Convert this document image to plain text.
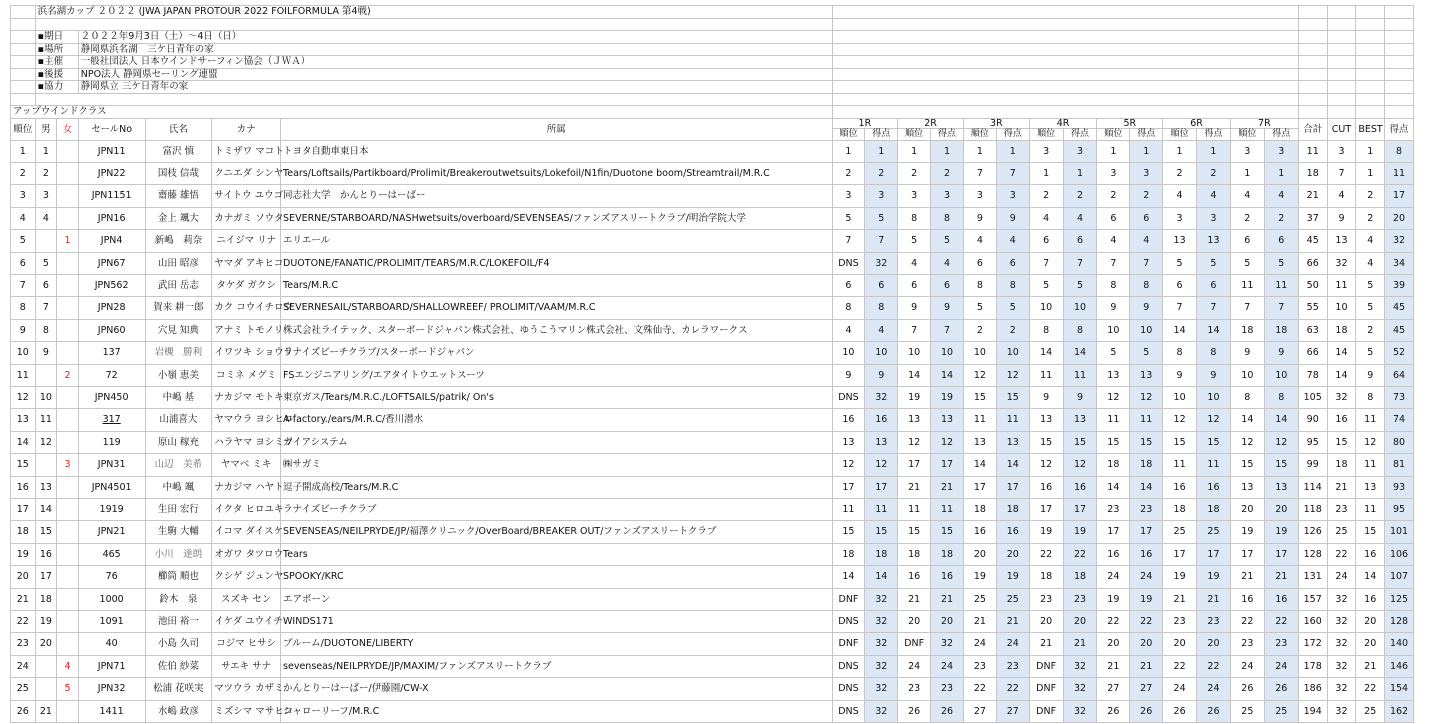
	浜名湖カップ ２０２２ (JWA JAPAN PROTOUR 2022 FOILFORMULA 第4戦)																							

	▪期日		２０２２年9月3日（土）～4日（日）																					
	▪場所		静岡県浜名湖　三ケ日青年の家																					
	▪主催		一般社団法人 日本ウインドサーフィン協会（ＪＷＡ）																					
	▪後援		NPO法人 静岡県セーリング連盟																					
	▪協力		静岡県立 三ケ日青年の家																					

アップウインドクラス																								
順位	男	女	セールNo	氏名	カナ	所属	1R		2R		3R		4R		5R		6R		7R		合計	CUT	BEST	得点
							順位	得点	順位	得点	順位	得点	順位	得点	順位	得点	順位	得点	順位	得点				
1	1		JPN11	富沢 慎	トミザワ マコト	トヨタ自動車東日本	1	1	1	1	1	1	3	3	1	1	1	1	3	3	11	3	1	8
2	2		JPN22	国枝 信哉	クニエダ シンヤ	Tears/Loftsails/Partikboard/Prolimit/Breakeroutwetsuits/Lokefoil/N1fin/Duotone boom/Streamtrail/M.R.C	2	2	2	2	7	7	1	1	3	3	2	2	1	1	18	7	1	11
3	3		JPN1151	齋藤 雄悟	サイトウ ユウゴ	同志社大学　かんとりーはーばー	3	3	3	3	3	3	2	2	2	2	4	4	4	4	21	4	2	17
4	4		JPN16	金上 颯大	カナガミ ソウタ	SEVERNE/STARBOARD/NASHwetsuits/overboard/SEVENSEAS/ファンズアスリートクラブ/明治学院大学	5	5	8	8	9	9	4	4	6	6	3	3	2	2	37	9	2	20
5		1	JPN4	新嶋　莉奈	ニイジマ リナ	エリエール	7	7	5	5	4	4	6	6	4	4	13	13	6	6	45	13	4	32
6	5		JPN67	山田 昭彦	ヤマダ アキヒコ	DUOTONE/FANATIC/PROLIMIT/TEARS/M.R.C/LOKEFOIL/F4	DNS	32	4	4	6	6	7	7	7	7	5	5	5	5	66	32	4	34
7	6		JPN562	武田 岳志	タケダ ガクシ	Tears/M.R.C	6	6	6	6	8	8	5	5	8	8	6	6	11	11	50	11	5	39
8	7		JPN28	賀来 耕一郎	カク コウイチロウ	SEVERNESAIL/STARBOARD/SHALLOWREEF/ PROLIMIT/VAAM/M.R.C	8	8	9	9	5	5	10	10	9	9	7	7	7	7	55	10	5	45
9	8		JPN60	穴見 知典	アナミ トモノリ	株式会社ライテック、スターボードジャパン株式会社、ゆうこうマリン株式会社、文殊仙寺、カレラワークス	4	4	7	7	2	2	8	8	10	10	14	14	18	18	63	18	2	45
10	9		137	岩槻　勝利	イワツキ ショウリ	ラナイズビーチクラブ/スターボードジャパン	10	10	10	10	10	10	14	14	5	5	8	8	9	9	66	14	5	52
11		2	72	小嶺 恵美	コミネ メグミ	FSエンジニアリング/エアタイトウエットスーツ	9	9	14	14	12	12	11	11	13	13	9	9	10	10	78	14	9	64
12	10		JPN450	中嶋 基	ナカジマ モトキ	東京ガス/Tears/M.R.C./LOFTSAILS/patrik/ On's	DNS	32	19	19	15	15	9	9	12	12	10	10	8	8	105	32	8	73
13	11		317	山浦喜大	ヤマウラ ヨシヒロ	A-factory./ears/M.R.C/香川潜水	16	16	13	13	11	11	13	13	11	11	12	12	14	14	90	16	11	74
14	12		119	原山 稼充	ハラヤマ ヨシミツ	ガイアシステム	13	13	12	12	13	13	15	15	15	15	15	15	12	12	95	15	12	80
15		3	JPN31	山辺　美希	ヤマベ ミキ	㈱サガミ	12	12	17	17	14	14	12	12	18	18	11	11	15	15	99	18	11	81
16	13		JPN4501	中嶋 颯	ナカジマ ハヤト	逗子開成高校/Tears/M.R.C	17	17	21	21	17	17	16	16	14	14	16	16	13	13	114	21	13	93
17	14		1919	生田 宏行	イクタ ヒロユキ	ラナイズビーチクラブ	11	11	11	11	18	18	17	17	23	23	18	18	20	20	118	23	11	95
18	15		JPN21	生駒 大輔	イコマ ダイスケ	SEVENSEAS/NEILPRYDE/JP/福澤クリニック/OverBoard/BREAKER OUT/ファンズアスリートクラブ	15	15	15	15	16	16	19	19	17	17	25	25	19	19	126	25	15	101
19	16		465	小川　達朗	オガワ タツロウ	Tears	18	18	18	18	20	20	22	22	16	16	17	17	17	17	128	22	16	106
20	17		76	櫛筒 順也	クシゲ ジュンヤ	SPOOKY/KRC	14	14	16	16	19	19	18	18	24	24	19	19	21	21	131	24	14	107
21	18		1000	鈴木　泉	スズキ セン	エアボーン	DNF	32	21	21	25	25	23	23	19	19	21	21	16	16	157	32	16	125
22	19		1091	池田 裕一	イケダ ユウイチ	WINDS171	DNS	32	20	20	21	21	20	20	22	22	23	23	22	22	160	32	20	128
23	20		40	小島 久司	コジマ ヒサシ	ブルーム/DUOTONE/LIBERTY	DNF	32	DNF	32	24	24	21	21	20	20	20	20	23	23	172	32	20	140
24		4	JPN71	佐伯 紗菜	サエキ サナ	sevenseas/NEILPRYDE/JP/MAXIM/ファンズアスリートクラブ	DNS	32	24	24	23	23	DNF	32	21	21	22	22	24	24	178	32	21	146
25		5	JPN32	松浦 花咲実	マツウラ カザミ	かんとりーはーばー/伊藤園/CW-X	DNS	32	23	23	22	22	DNF	32	27	27	24	24	26	26	186	32	22	154
26	21		1411	水嶋 政彦	ミズシマ マサヒコ	シャローリーフ/M.R.C	DNS	32	26	26	27	27	DNF	32	26	26	26	26	25	25	194	32	25	162
